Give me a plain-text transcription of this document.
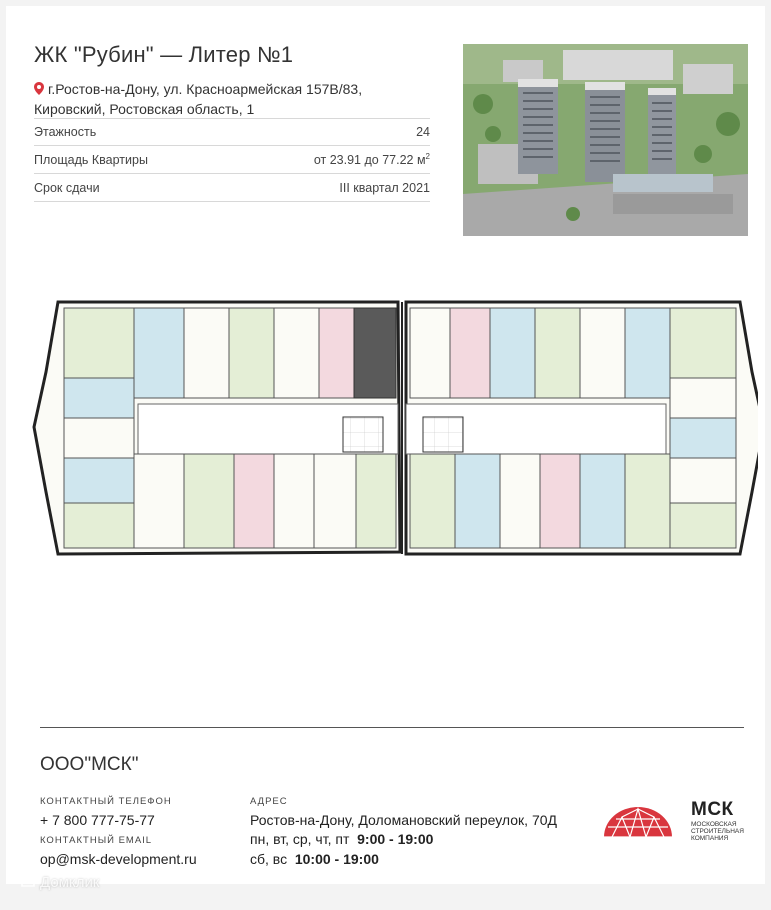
ЖК "Рубин" — Литер №1
г.Ростов-на-Дону, ул. Красноармейская 157В/83,
Кировский, Ростовская область, 1
Этажность	24
Площадь Квартиры	от 23.91 до 77.22 $м^2$
Срок сдачи	III квартал 2021
ООО"МСК"
КОНТАКТНЫЙ ТЕЛЕФОН
+ 7 800 777-75-77
КОНТАКТНЫЙ EMAIL
op@msk-development.ru
АДРЕС
Ростов-на-Дону, Доломановский переулок, 70Д
пн, вт, ср, чт, пт 9:00 - 19:00
сб, вс 10:00 - 19:00
МСК
МОСКОВСКАЯ
СТРОИТЕЛЬНАЯ
КОМПАНИЯ
Домклик
